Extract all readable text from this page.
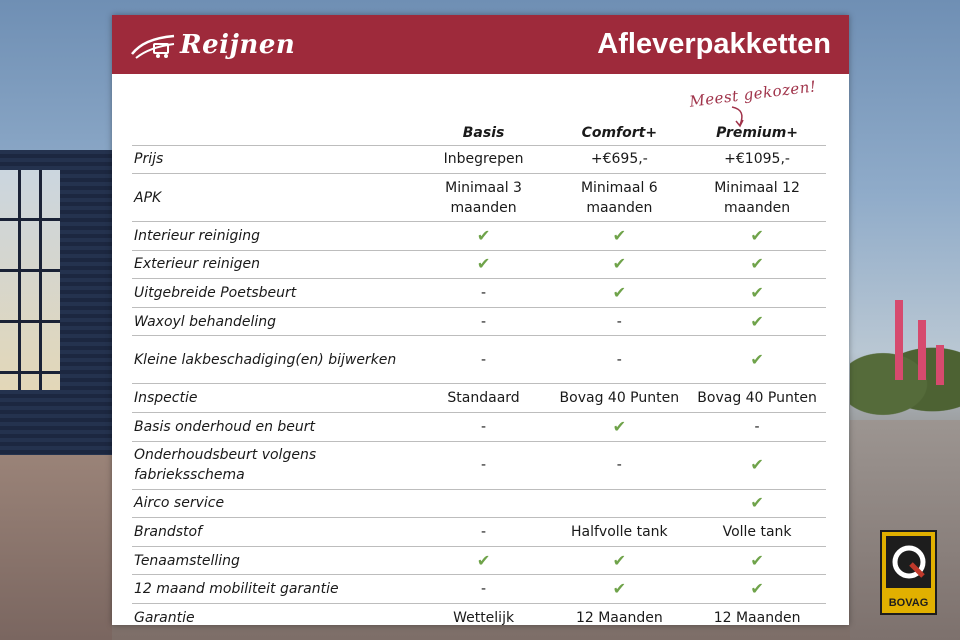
Reijnen	Afleverpakketten
Meest gekozen!
	Basis	Comfort+	Premium+
Prijs	Inbegrepen	+€695,-	+€1095,-
APK	Minimaal 3 maanden	Minimaal 6 maanden	Minimaal 12 maanden
Interieur reiniging	✔	✔	✔
Exterieur reinigen	✔	✔	✔
Uitgebreide Poetsbeurt	-	✔	✔
Waxoyl behandeling	-	-	✔
Kleine lakbeschadiging(en) bijwerken	-	-	✔
Inspectie	Standaard	Bovag 40 Punten	Bovag 40 Punten
Basis onderhoud en beurt	-	✔	-
Onderhoudsbeurt volgens fabrieksschema	-	-	✔
Airco service			✔
Brandstof	-	Halfvolle tank	Volle tank
Tenaamstelling	✔	✔	✔
12 maand mobiliteit garantie	-	✔	✔
Garantie	Wettelijk	12 Maanden	12 Maanden
BOVAG
